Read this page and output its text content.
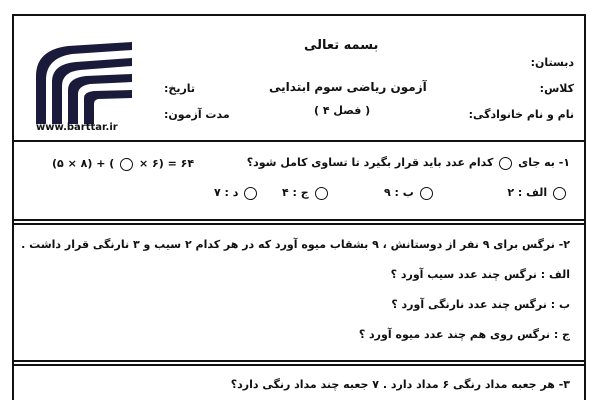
بسمه تعالی
دبستان:
کلاس:
نام و نام خانوادگی:
آزمون ریاضی سوم ابتدایی
( فصل ۴ )
تاریخ:
مدت آزمون:
www.barttar.ir
۱- به جای  کدام عدد باید قرار بگیرد تا تساوی کامل شود؟
(۵ × ۸) + ( × ۶) = ۶۴
الف : ۲
ب : ۹
ج : ۴
د : ۷
۲- نرگس برای ۹ نفر از دوستانش ، ۹ بشقاب میوه آورد که در هر کدام ۲ سیب و ۳ نارنگی قرار داشت .
الف : نرگس چند عدد سیب آورد ؟
ب : نرگس چند عدد نارنگی آورد ؟
ج : نرگس روی هم چند عدد میوه آورد ؟
۳- هر جعبه مداد رنگی ۶ مداد دارد . ۷ جعبه چند مداد رنگی دارد؟
